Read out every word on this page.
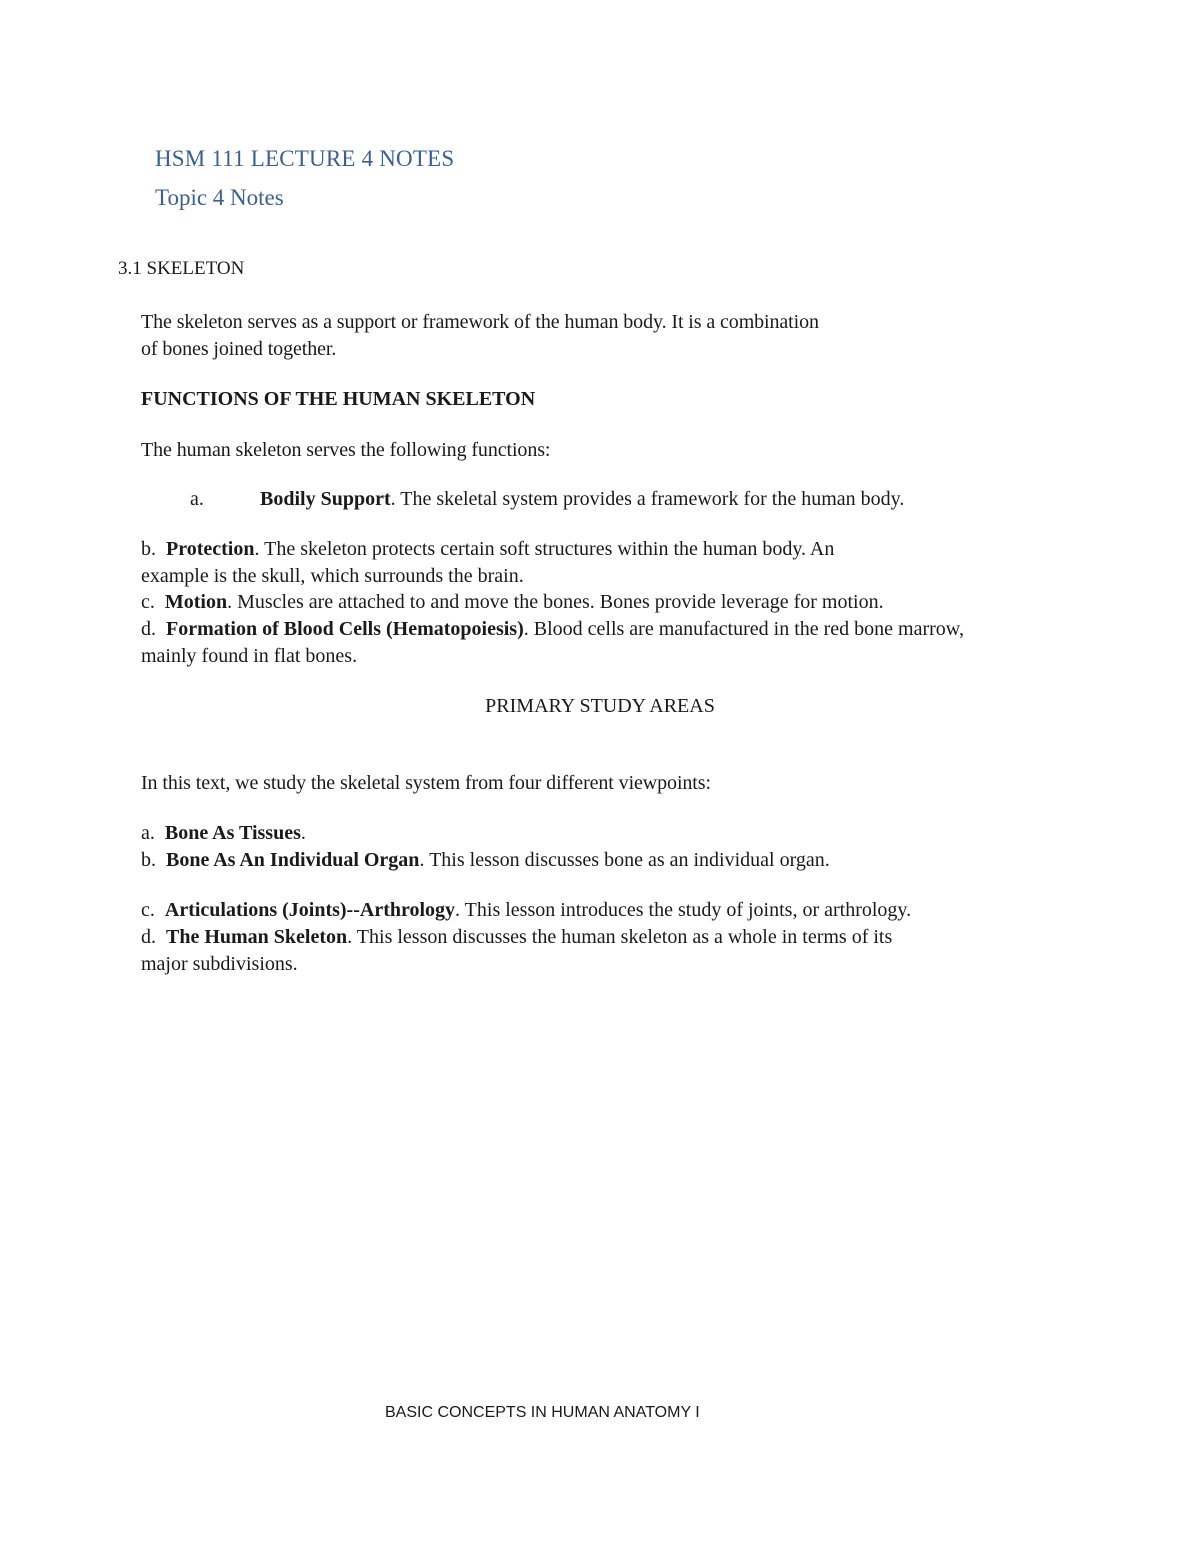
HSM 111 LECTURE 4 NOTES
Topic 4 Notes
3.1 SKELETON
The skeleton serves as a support or framework of the human body. It is a combination
of bones joined together.
FUNCTIONS OF THE HUMAN SKELETON
The human skeleton serves the following functions:
a.	Bodily Support. The skeletal system provides a framework for the human body.
b. Protection. The skeleton protects certain soft structures within the human body. An
example is the skull, which surrounds the brain.
c. Motion. Muscles are attached to and move the bones. Bones provide leverage for motion.
d. Formation of Blood Cells (Hematopoiesis). Blood cells are manufactured in the red bone marrow,
mainly found in flat bones.
PRIMARY STUDY AREAS
In this text, we study the skeletal system from four different viewpoints:
a. Bone As Tissues.
b. Bone As An Individual Organ. This lesson discusses bone as an individual organ.
c. Articulations (Joints)--Arthrology. This lesson introduces the study of joints, or arthrology.
d. The Human Skeleton. This lesson discusses the human skeleton as a whole in terms of its
major subdivisions.
BASIC CONCEPTS IN HUMAN ANATOMY I
